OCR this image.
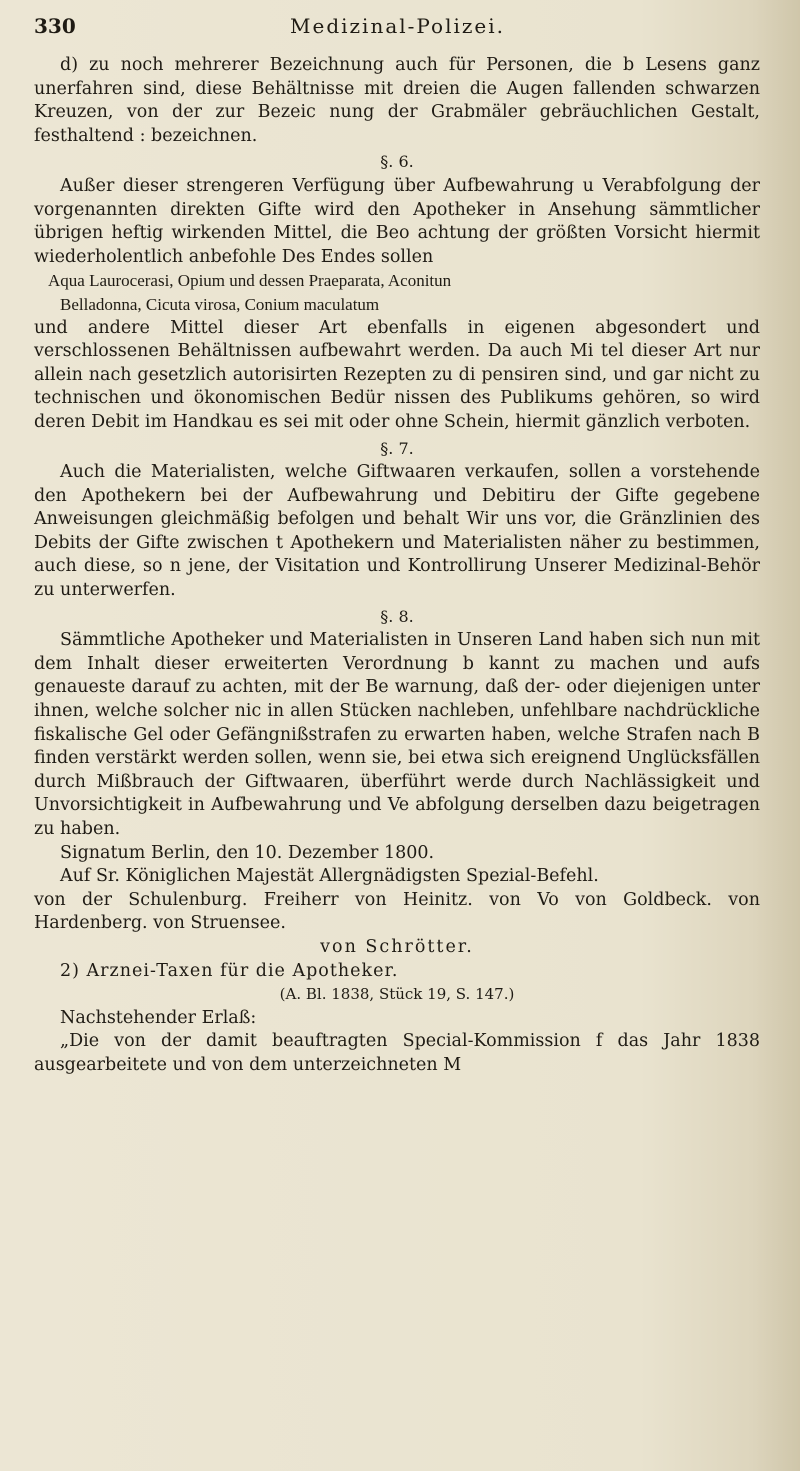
330	Medizinal-Polizei.

d) zu noch mehrerer Bezeichnung auch für Personen, die b Lesens ganz unerfahren sind, diese Behältnisse mit dreien die Augen fallenden schwarzen Kreuzen, von der zur Bezeic nung der Grabmäler gebräuchlichen Gestalt, festhaltend : bezeichnen.

§. 6.

Außer dieser strengeren Verfügung über Aufbewahrung u Verabfolgung der vorgenannten direkten Gifte wird den Apotheker in Ansehung sämmtlicher übrigen heftig wirkenden Mittel, die Beo achtung der größten Vorsicht hiermit wiederholentlich anbefohle Des Endes sollen

Aqua Laurocerasi, Opium und dessen Praeparata, Aconitun
Belladonna, Cicuta virosa, Conium maculatum

und andere Mittel dieser Art ebenfalls in eigenen abgesondert und verschlossenen Behältnissen aufbewahrt werden. Da auch Mi tel dieser Art nur allein nach gesetzlich autorisirten Rezepten zu di pensiren sind, und gar nicht zu technischen und ökonomischen Bedür nissen des Publikums gehören, so wird deren Debit im Handkau es sei mit oder ohne Schein, hiermit gänzlich verboten.

§. 7.

Auch die Materialisten, welche Giftwaaren verkaufen, sollen a vorstehende den Apothekern bei der Aufbewahrung und Debitiru der Gifte gegebene Anweisungen gleichmäßig befolgen und behalt Wir uns vor, die Gränzlinien des Debits der Gifte zwischen t Apothekern und Materialisten näher zu bestimmen, auch diese, so n jene, der Visitation und Kontrollirung Unserer Medizinal-Behör zu unterwerfen.

§. 8.

Sämmtliche Apotheker und Materialisten in Unseren Land haben sich nun mit dem Inhalt dieser erweiterten Verordnung b kannt zu machen und aufs genaueste darauf zu achten, mit der Be warnung, daß der- oder diejenigen unter ihnen, welche solcher nic in allen Stücken nachleben, unfehlbare nachdrückliche fiskalische Gel oder Gefängnißstrafen zu erwarten haben, welche Strafen nach B finden verstärkt werden sollen, wenn sie, bei etwa sich ereignend Unglücksfällen durch Mißbrauch der Giftwaaren, überführt werde durch Nachlässigkeit und Unvorsichtigkeit in Aufbewahrung und Ve abfolgung derselben dazu beigetragen zu haben.

Signatum Berlin, den 10. Dezember 1800.

Auf Sr. Königlichen Majestät Allergnädigsten Spezial-Befehl.

von der Schulenburg. Freiherr von Heinitz. von Vo von Goldbeck. von Hardenberg. von Struensee.

von Schrötter.

2) Arznei-Taxen für die Apotheker.

(A. Bl. 1838, Stück 19, S. 147.)

Nachstehender Erlaß:

„Die von der damit beauftragten Special-Kommission f das Jahr 1838 ausgearbeitete und von dem unterzeichneten M
